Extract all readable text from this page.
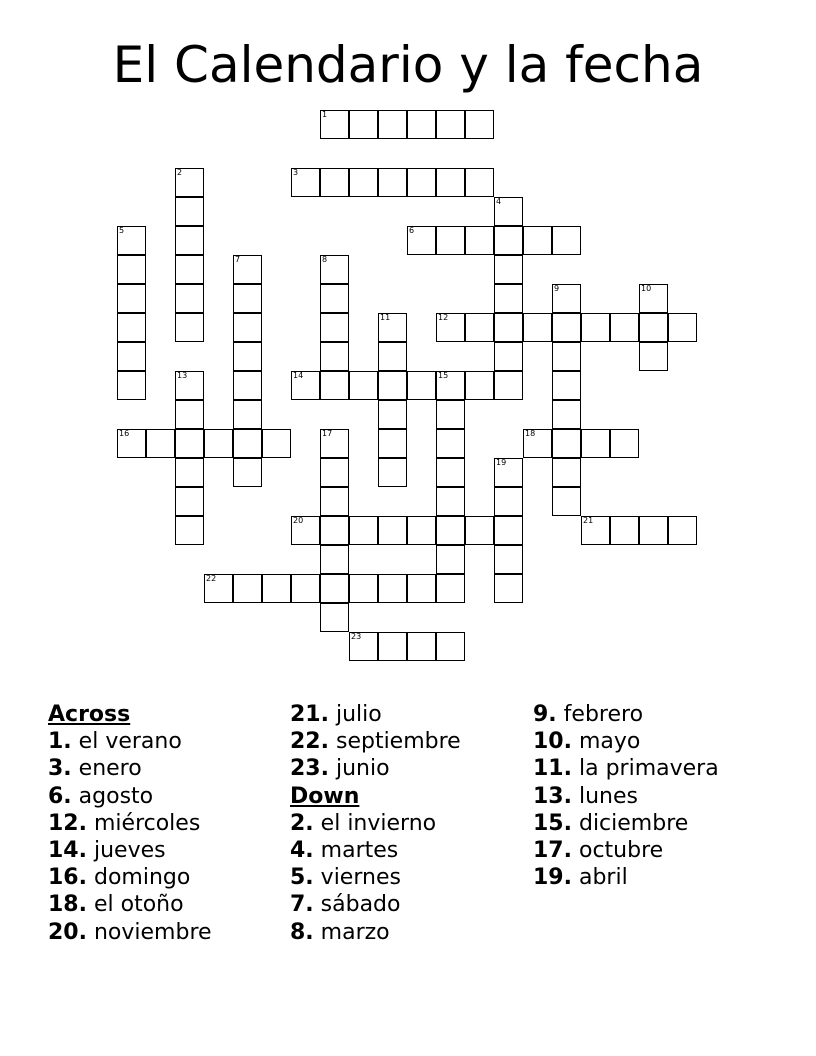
El Calendario y la fecha
1
2	3
4
5	6
7	8
9	10
11	12
13	14	15
16	17	18
19
20	21
22
23
Across
1. el verano
3. enero
6. agosto
12. miércoles
14. jueves
16. domingo
18. el otoño
20. noviembre
21. julio
22. septiembre
23. junio
Down
2. el invierno
4. martes
5. viernes
7. sábado
8. marzo
9. febrero
10. mayo
11. la primavera
13. lunes
15. diciembre
17. octubre
19. abril
